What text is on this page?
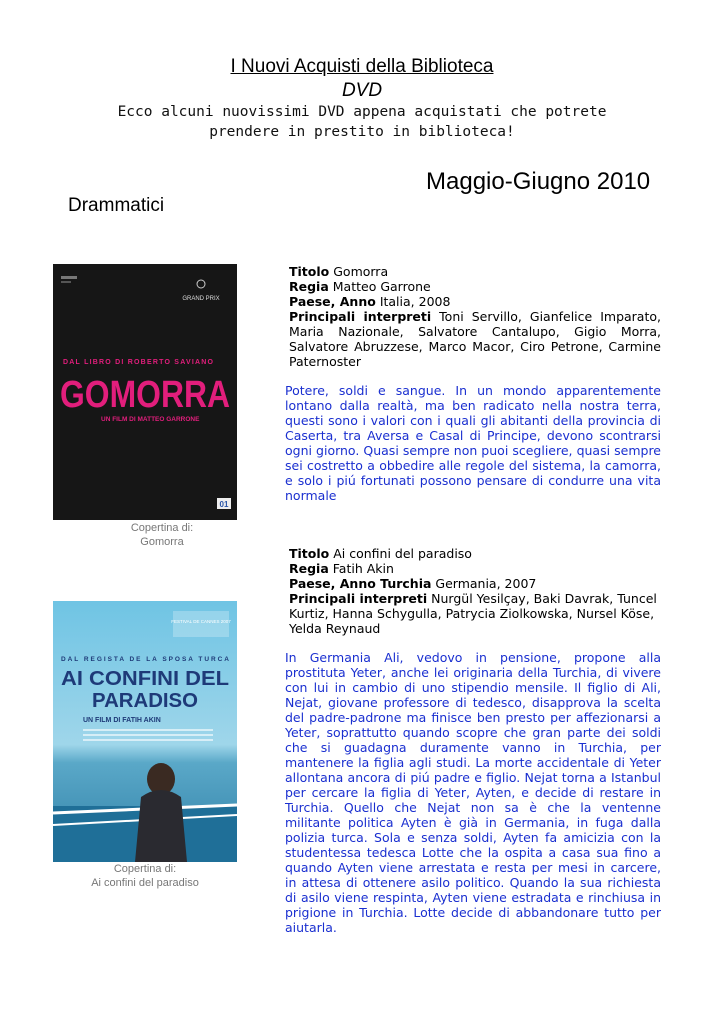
I Nuovi Acquisti della Biblioteca
DVD
Ecco alcuni nuovissimi DVD appena acquistati che potrete
prendere in prestito in biblioteca!
Maggio-Giugno 2010
Drammatici
GRAND PRIX
DAL LIBRO DI ROBERTO SAVIANO
GOMORRA
UN FILM DI MATTEO GARRONE
01
Copertina di:
Gomorra
Titolo Gomorra
Regia Matteo Garrone
Paese, Anno Italia, 2008
Principali interpreti Toni Servillo, Gianfelice Imparato, Maria Nazionale, Salvatore Cantalupo, Gigio Morra, Salvatore Abruzzese, Marco Macor, Ciro Petrone, Carmine Paternoster
Potere, soldi e sangue. In un mondo apparentemente lontano dalla realtà, ma ben radicato nella nostra terra, questi sono i valori con i quali gli abitanti della provincia di Caserta, tra Aversa e Casal di Principe, devono scontrarsi ogni giorno. Quasi sempre non puoi scegliere, quasi sempre sei costretto a obbedire alle regole del sistema, la camorra, e solo i piú fortunati possono pensare di condurre una vita normale
Titolo Ai confini del paradiso
Regia Fatih Akin
Paese, Anno Turchia Germania, 2007
Principali interpreti Nurgül Yesilçay, Baki Davrak, Tuncel Kurtiz, Hanna Schygulla, Patrycia Ziolkowska, Nursel Köse, Yelda Reynaud
FESTIVAL DE CANNES 2007
DAL REGISTA DE LA SPOSA TURCA
AI CONFINI DEL
PARADISO
UN FILM DI FATIH AKIN
Copertina di:
Ai confini del paradiso
In Germania Ali, vedovo in pensione, propone alla prostituta Yeter, anche lei originaria della Turchia, di vivere con lui in cambio di uno stipendio mensile. Il figlio di Ali, Nejat, giovane professore di tedesco, disapprova la scelta del padre-padrone ma finisce ben presto per affezionarsi a Yeter, soprattutto quando scopre che gran parte dei soldi che si guadagna duramente vanno in Turchia, per mantenere la figlia agli studi. La morte accidentale di Yeter allontana ancora di piú padre e figlio. Nejat torna a Istanbul per cercare la figlia di Yeter, Ayten, e decide di restare in Turchia. Quello che Nejat non sa è che la ventenne militante politica Ayten è già in Germania, in fuga dalla polizia turca. Sola e senza soldi, Ayten fa amicizia con la studentessa tedesca Lotte che la ospita a casa sua fino a quando Ayten viene arrestata e resta per mesi in carcere, in attesa di ottenere asilo politico. Quando la sua richiesta di asilo viene respinta, Ayten viene estradata e rinchiusa in prigione in Turchia. Lotte decide di abbandonare tutto per aiutarla.
